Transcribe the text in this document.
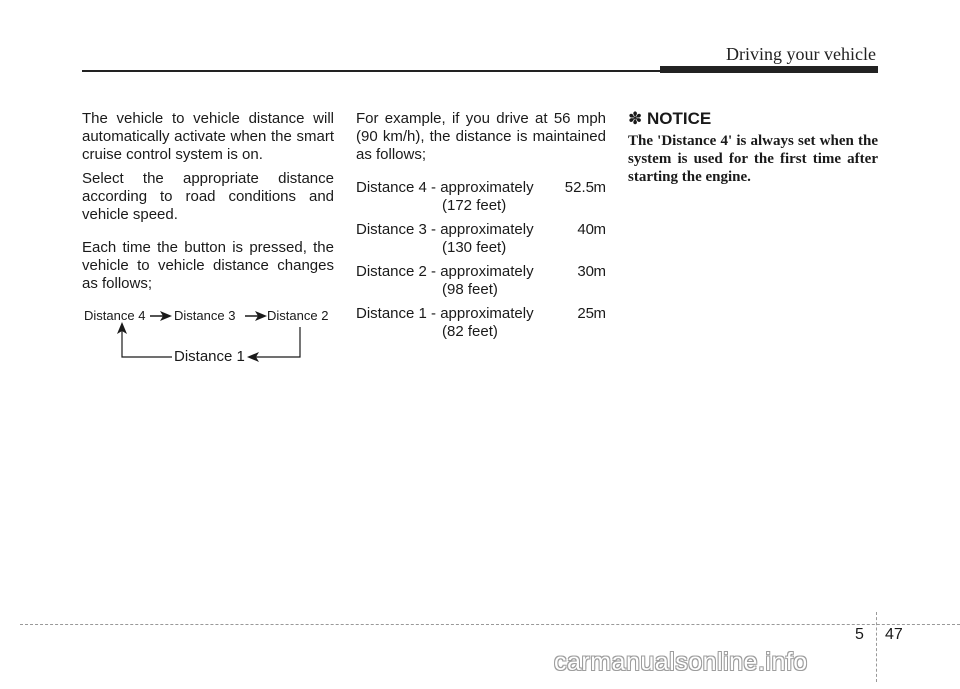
Driving your vehicle

The vehicle to vehicle distance will automatically activate when the smart cruise control system is on.

Select the appropriate distance according to road conditions and vehicle speed.

Each time the button is pressed, the vehicle to vehicle distance changes as follows;

Distance 4 Distance 3 Distance 2
Distance 1

For example, if you drive at 56 mph (90 km/h), the distance is maintained as follows;

Distance 4 - approximately	52.5 m
(172 feet)
Distance 3 - approximately	40 m
(130 feet)
Distance 2 - approximately	30 m
(98 feet)
Distance 1 - approximately	25 m
(82 feet)
✽ NOTICE

The 'Distance 4' is always set when the system is used for the first time after starting the engine.

5 47
carmanualsonline.info
